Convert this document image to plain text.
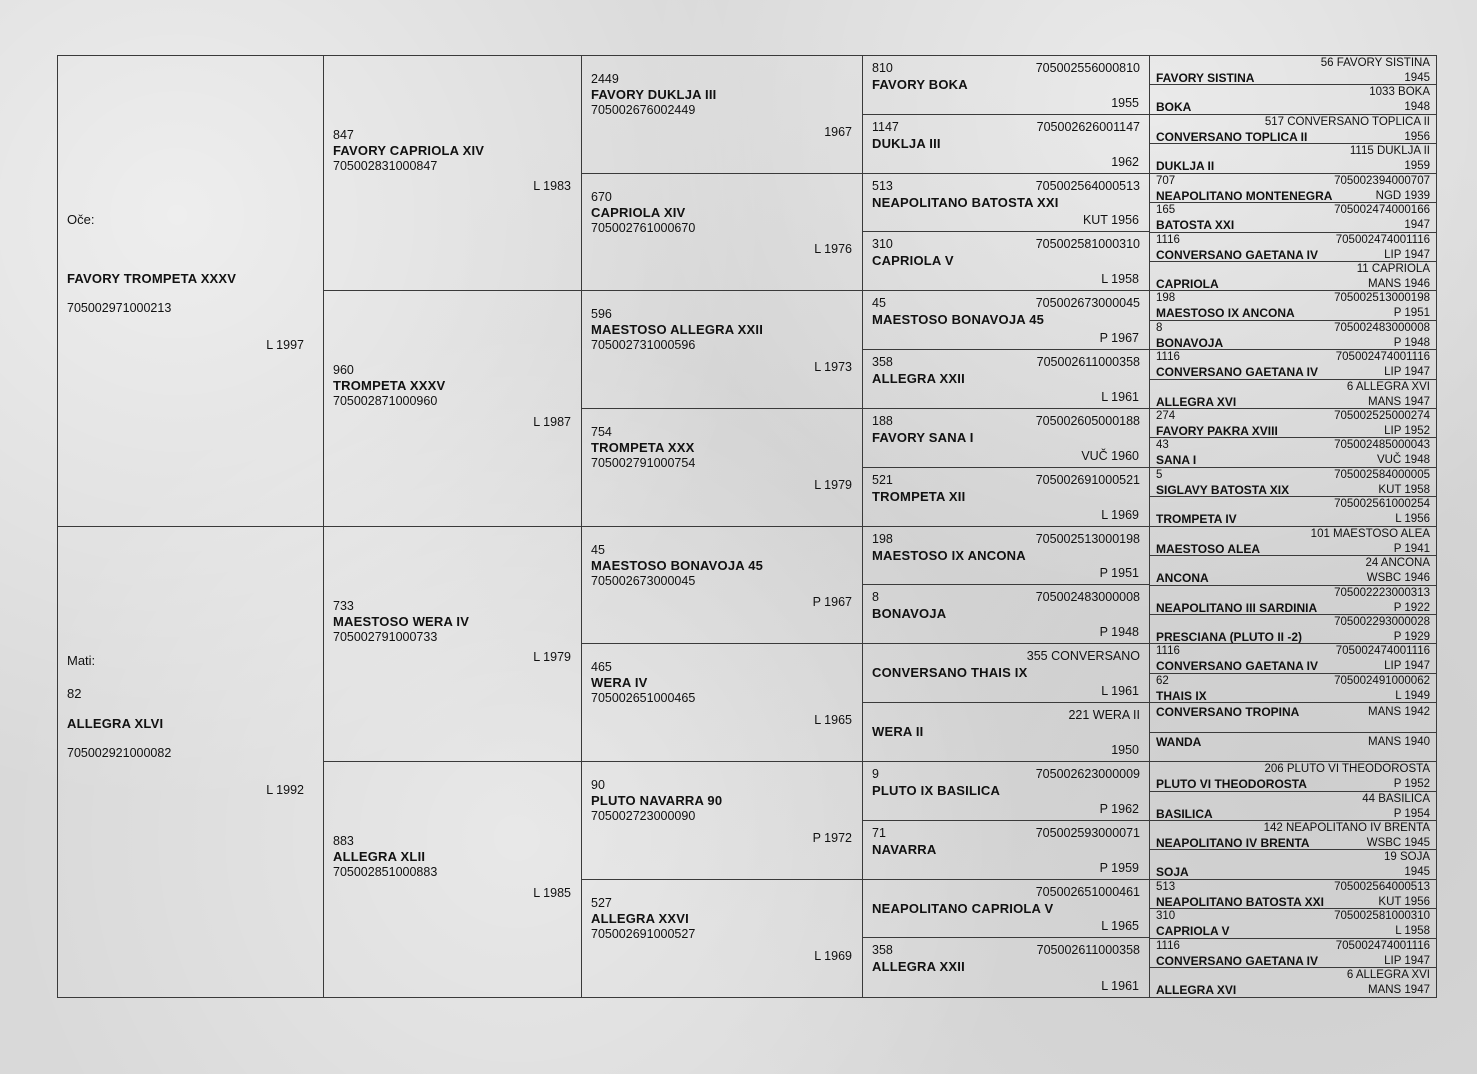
Oče:
FAVORY TROMPETA XXXV
705002971000213
L 1997
Mati:
82
ALLEGRA XLVI
705002921000082
L 1992
847
FAVORY CAPRIOLA XIV
705002831000847
L 1983
960
TROMPETA XXXV
705002871000960
L 1987
733
MAESTOSO WERA IV
705002791000733
L 1979
883
ALLEGRA XLII
705002851000883
L 1985
2449
FAVORY DUKLJA III
705002676002449
1967
670
CAPRIOLA XIV
705002761000670
L 1976
596
MAESTOSO ALLEGRA XXII
705002731000596
L 1973
754
TROMPETA XXX
705002791000754
L 1979
45
MAESTOSO BONAVOJA 45
705002673000045
P 1967
465
WERA IV
705002651000465
L 1965
90
PLUTO NAVARRA 90
705002723000090
P 1972
527
ALLEGRA XXVI
705002691000527
L 1969
810	705002556000810
FAVORY BOKA
1955
1147	705002626001147
DUKLJA III
1962
513	705002564000513
NEAPOLITANO BATOSTA XXI
KUT 1956
310	705002581000310
CAPRIOLA V
L 1958
45	705002673000045
MAESTOSO BONAVOJA 45
P 1967
358	705002611000358
ALLEGRA XXII
L 1961
188	705002605000188
FAVORY SANA I
VUČ 1960
521	705002691000521
TROMPETA XII
L 1969
198	705002513000198
MAESTOSO IX ANCONA
P 1951
8	705002483000008
BONAVOJA
P 1948
355 CONVERSANO
CONVERSANO THAIS IX
L 1961
221 WERA II
WERA II
1950
9	705002623000009
PLUTO IX BASILICA
P 1962
71	705002593000071
NAVARRA
P 1959
705002651000461
NEAPOLITANO CAPRIOLA V
L 1965
358	705002611000358
ALLEGRA XXII
L 1961
56 FAVORY SISTINA
FAVORY SISTINA	1945
1033 BOKA
BOKA	1948
517 CONVERSANO TOPLICA II
CONVERSANO TOPLICA II	1956
1115 DUKLJA II
DUKLJA II	1959
707	705002394000707
NEAPOLITANO MONTENEGRA	NGD 1939
165	705002474000166
BATOSTA XXI	1947
1116	705002474001116
CONVERSANO GAETANA IV	LIP 1947
11 CAPRIOLA
CAPRIOLA	MANS 1946
198	705002513000198
MAESTOSO IX ANCONA	P 1951
8	705002483000008
BONAVOJA	P 1948
1116	705002474001116
CONVERSANO GAETANA IV	LIP 1947
6 ALLEGRA XVI
ALLEGRA XVI	MANS 1947
274	705002525000274
FAVORY PAKRA XVIII	LIP 1952
43	705002485000043
SANA I	VUČ 1948
5	705002584000005
SIGLAVY BATOSTA XIX	KUT 1958
705002561000254
TROMPETA IV	L 1956
101 MAESTOSO ALEA
MAESTOSO ALEA	P 1941
24 ANCONA
ANCONA	WSBC 1946
705002223000313
NEAPOLITANO III SARDINIA	P 1922
705002293000028
PRESCIANA (PLUTO II -2)	P 1929
1116	705002474001116
CONVERSANO GAETANA IV	LIP 1947
62	705002491000062
THAIS IX	L 1949
CONVERSANO TROPINA	MANS 1942
WANDA	MANS 1940
206 PLUTO VI THEODOROSTA
PLUTO VI THEODOROSTA	P 1952
44 BASILICA
BASILICA	P 1954
142 NEAPOLITANO IV BRENTA
NEAPOLITANO IV BRENTA	WSBC 1945
19 SOJA
SOJA	1945
513	705002564000513
NEAPOLITANO BATOSTA XXI	KUT 1956
310	705002581000310
CAPRIOLA V	L 1958
1116	705002474001116
CONVERSANO GAETANA IV	LIP 1947
6 ALLEGRA XVI
ALLEGRA XVI	MANS 1947
